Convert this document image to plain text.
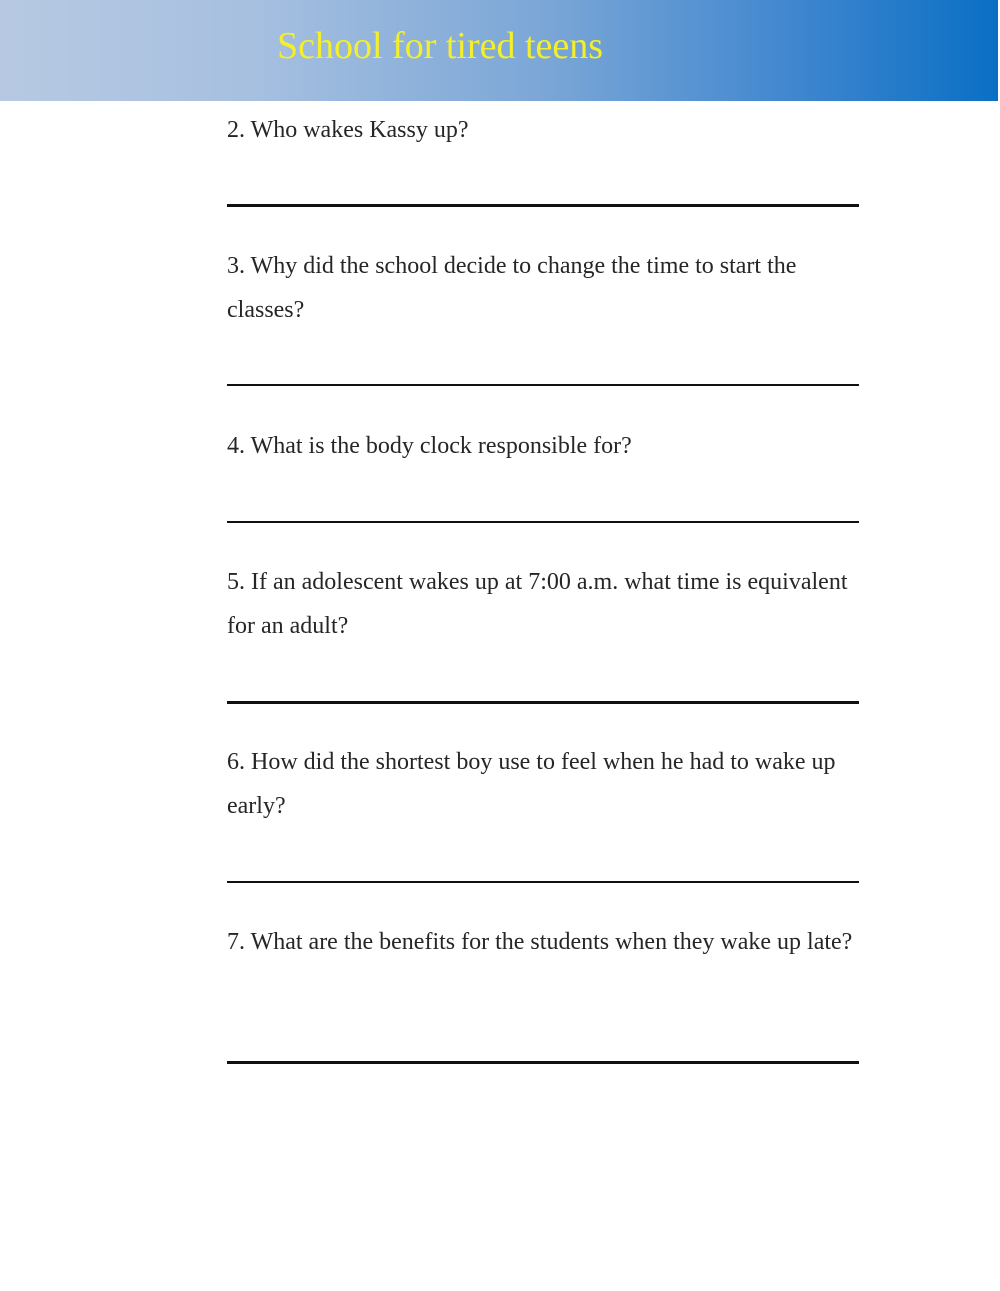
School for tired teens

2. Who wakes Kassy up?

3. Why did the school decide to change the time to start the classes?

4. What is the body clock responsible for?

5. If an adolescent wakes up at 7:00 a.m. what time is equivalent for an adult?

6. How did the shortest boy use to feel when he had to wake up early?

7. What are the benefits for the students when they wake up late?
